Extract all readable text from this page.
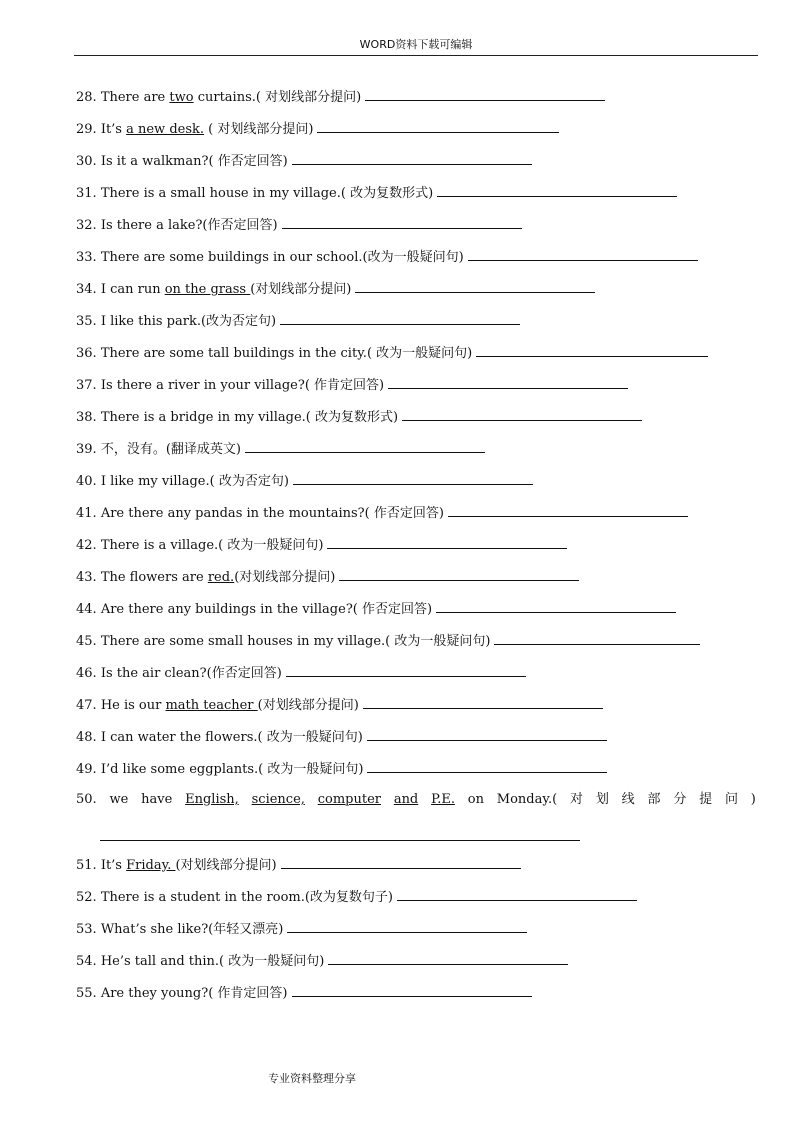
WORD资料下载可编辑
28. There are two curtains.( 对划线部分提问)
29. It’s a new desk. ( 对划线部分提问)
30. Is it a walkman?( 作否定回答)
31. There is a small house in my village.( 改为复数形式)
32. Is there a lake?(作否定回答)
33. There are some buildings in our school.(改为一般疑问句)
34. I can run on the grass (对划线部分提问)
35. I like this park.(改为否定句)
36. There are some tall buildings in the city.( 改为一般疑问句)
37. Is there a river in your village?( 作肯定回答)
38. There is a bridge in my village.( 改为复数形式)
39. 不，没有。(翻译成英文)
40. I like my village.( 改为否定句)
41. Are there any pandas in the mountains?( 作否定回答)
42. There is a village.( 改为一般疑问句)
43. The flowers are red.(对划线部分提问)
44. Are there any buildings in the village?( 作否定回答)
45. There are some small houses in my village.( 改为一般疑问句)
46. Is the air clean?(作否定回答)
47. He is our math teacher (对划线部分提问)
48. I can water the flowers.( 改为一般疑问句)
49. I’d like some eggplants.( 改为一般疑问句)
51. It’s Friday. (对划线部分提问)
52. There is a student in the room.(改为复数句子)
53. What’s she like?(年轻又漂亮)
54. He’s tall and thin.( 改为一般疑问句)
55. Are they young?( 作肯定回答)
50. we have English, science, computer and P.E. on Monday.( 对 划 线 部 分 提 问 )
专业资料整理分享
